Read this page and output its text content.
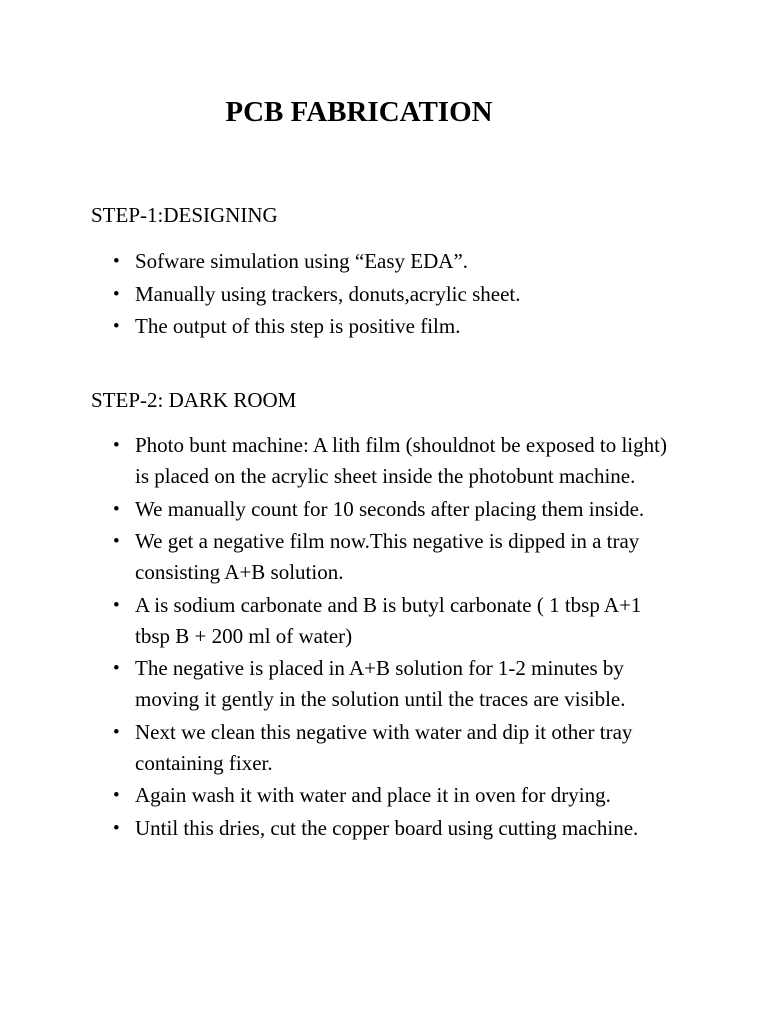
PCB FABRICATION
STEP-1:DESIGNING
• Sofware simulation using “Easy EDA”.
• Manually using trackers, donuts,acrylic sheet.
• The output of this step is positive film.
STEP-2: DARK ROOM
• Photo bunt machine: A lith film (shouldnot be exposed to light) is placed on the acrylic sheet inside the photobunt machine.
• We manually count for 10 seconds after placing them inside.
• We get a negative film now.This negative is dipped in a tray consisting A+B solution.
• A is sodium carbonate and B is butyl carbonate ( 1 tbsp A+1 tbsp B + 200 ml of water)
• The negative is placed in A+B solution for 1-2 minutes by moving it gently in the solution until the traces are visible.
• Next we clean this negative with water and dip it other tray containing fixer.
• Again wash it with water and place it in oven for drying.
• Until this dries, cut the copper board using cutting machine.
